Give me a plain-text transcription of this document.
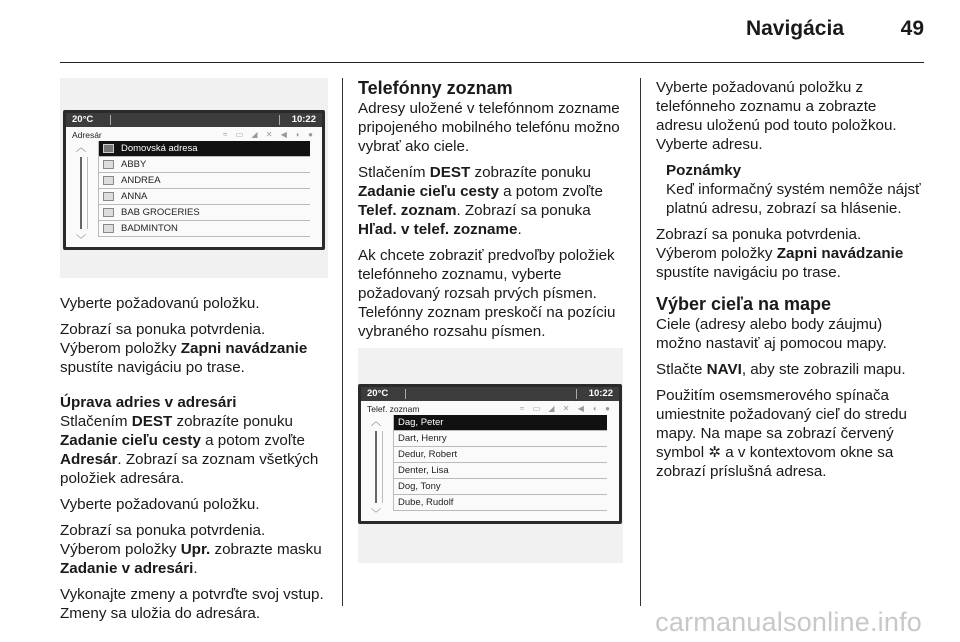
Navigácia	49
20°C	10:22
Adresár	≈ ▭ ◢ ✕ ◀ ◖ ●
︿
﹀
Domovská adresa
ABBY
ANDREA
ANNA
BAB GROCERIES
BADMINTON
Vyberte požadovanú položku.
Zobrazí sa ponuka potvrdenia. Výberom položky Zapni navádzanie spustíte navigáciu po trase.
Úprava adries v adresári
Stlačením DEST zobrazíte ponuku Zadanie cieľu cesty a potom zvoľte Adresár. Zobrazí sa zoznam všetkých položiek adresára.
Vyberte požadovanú položku.
Zobrazí sa ponuka potvrdenia. Výberom položky Upr. zobrazte masku Zadanie v adresári.
Vykonajte zmeny a potvrďte svoj vstup. Zmeny sa uložia do adresára.
Telefónny zoznam
Adresy uložené v telefónnom zozname pripojeného mobilného telefónu možno vybrať ako ciele.
Stlačením DEST zobrazíte ponuku Zadanie cieľu cesty a potom zvoľte Telef. zoznam. Zobrazí sa ponuka Hľad. v telef. zozname.
Ak chcete zobraziť predvoľby položiek telefónneho zoznamu, vyberte požadovaný rozsah prvých písmen. Telefónny zoznam preskočí na pozíciu vybraného rozsahu písmen.
20°C	10:22
Telef. zoznam	≈ ▭ ◢ ✕ ◀ ◖ ●
︿
﹀
Dag, Peter
Dart, Henry
Dedur, Robert
Denter, Lisa
Dog, Tony
Dube, Rudolf
Vyberte požadovanú položku z telefónneho zoznamu a zobrazte adresu uloženú pod touto položkou. Vyberte adresu.
Poznámky
Keď informačný systém nemôže nájsť platnú adresu, zobrazí sa hlásenie.
Zobrazí sa ponuka potvrdenia. Výberom položky Zapni navádzanie spustíte navigáciu po trase.
Výber cieľa na mape
Ciele (adresy alebo body záujmu) možno nastaviť aj pomocou mapy.
Stlačte NAVI, aby ste zobrazili mapu.
Použitím osemsmerového spínača umiestnite požadovaný cieľ do stredu mapy. Na mape sa zobrazí červený symbol ✲ a v kontextovom okne sa zobrazí príslušná adresa.
carmanualsonline.info
